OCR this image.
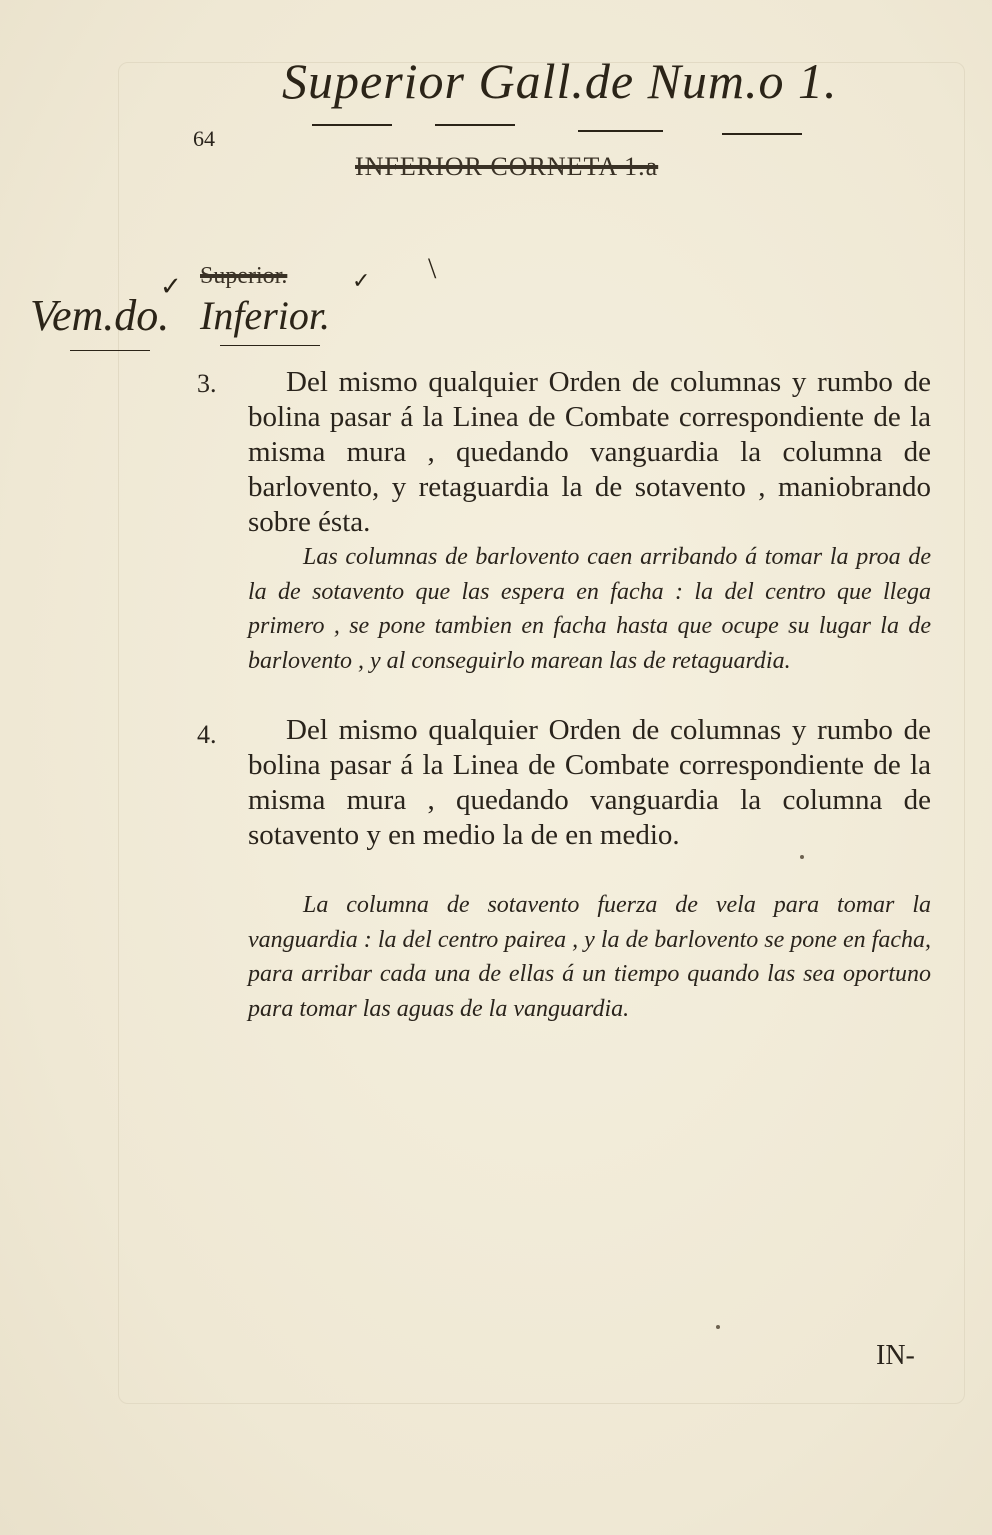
64
Superior Gall.de Num.o 1.
INFERIOR CORNETA 1.a
Superior.	\
✓	✓
Vem.do. Inferior.
3.	Del mismo qualquier Orden de columnas y rumbo de bolina pasar á la Linea de Combate correspondiente de la misma mura , quedando vanguardia la columna de barlovento, y retaguardia la de sotavento , maniobrando sobre ésta.
Las columnas de barlovento caen arribando á tomar la proa de la de sotavento que las espera en facha : la del centro que llega primero , se pone tambien en facha hasta que ocupe su lugar la de barlovento , y al conseguirlo marean las de retaguardia.
4.	Del mismo qualquier Orden de columnas y rumbo de bolina pasar á la Linea de Combate correspondiente de la misma mura , quedando vanguardia la columna de sotavento y en medio la de en medio.
La columna de sotavento fuerza de vela para tomar la vanguardia : la del centro pairea , y la de barlovento se pone en facha, para arribar cada una de ellas á un tiempo quando las sea oportuno para tomar las aguas de la vanguardia.
IN-
